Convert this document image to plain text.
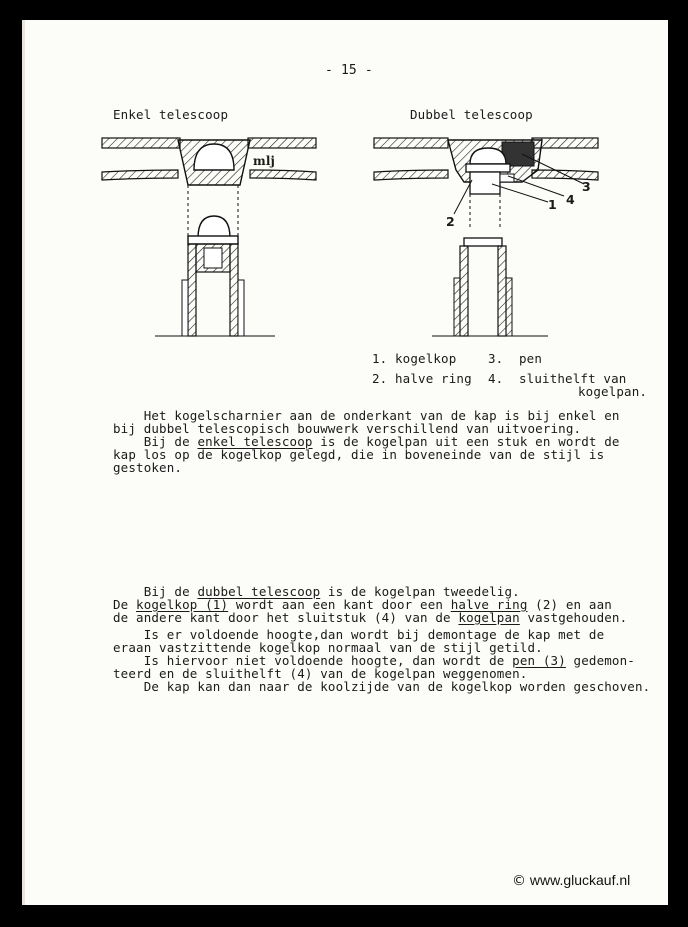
- 15 -
Enkel telescoop	Dubbel telescoop
mlj
1
2
3
4
1. kogelkop	3. pen
2. halve ring 4. sluithelft van
kogelpan.
Het kogelscharnier aan de onderkant van de kap is bij enkel en
bij dubbel telescopisch bouwwerk verschillend van uitvoering.
Bij de enkel telescoop is de kogelpan uit een stuk en wordt de
kap los op de kogelkop gelegd, die in boveneinde van de stijl is
gestoken.
Bij de dubbel telescoop is de kogelpan tweedelig.
De kogelkop (1) wordt aan een kant door een halve ring (2) en aan
de andere kant door het sluitstuk (4) van de kogelpan vastgehouden.
Is er voldoende hoogte,dan wordt bij demontage de kap met de
eraan vastzittende kogelkop normaal van de stijl getild.
Is hiervoor niet voldoende hoogte, dan wordt de pen (3) gedemon-
teerd en de sluithelft (4) van de kogelpan weggenomen.
De kap kan dan naar de koolzijde van de kogelkop worden geschoven.
© www.gluckauf.nl
